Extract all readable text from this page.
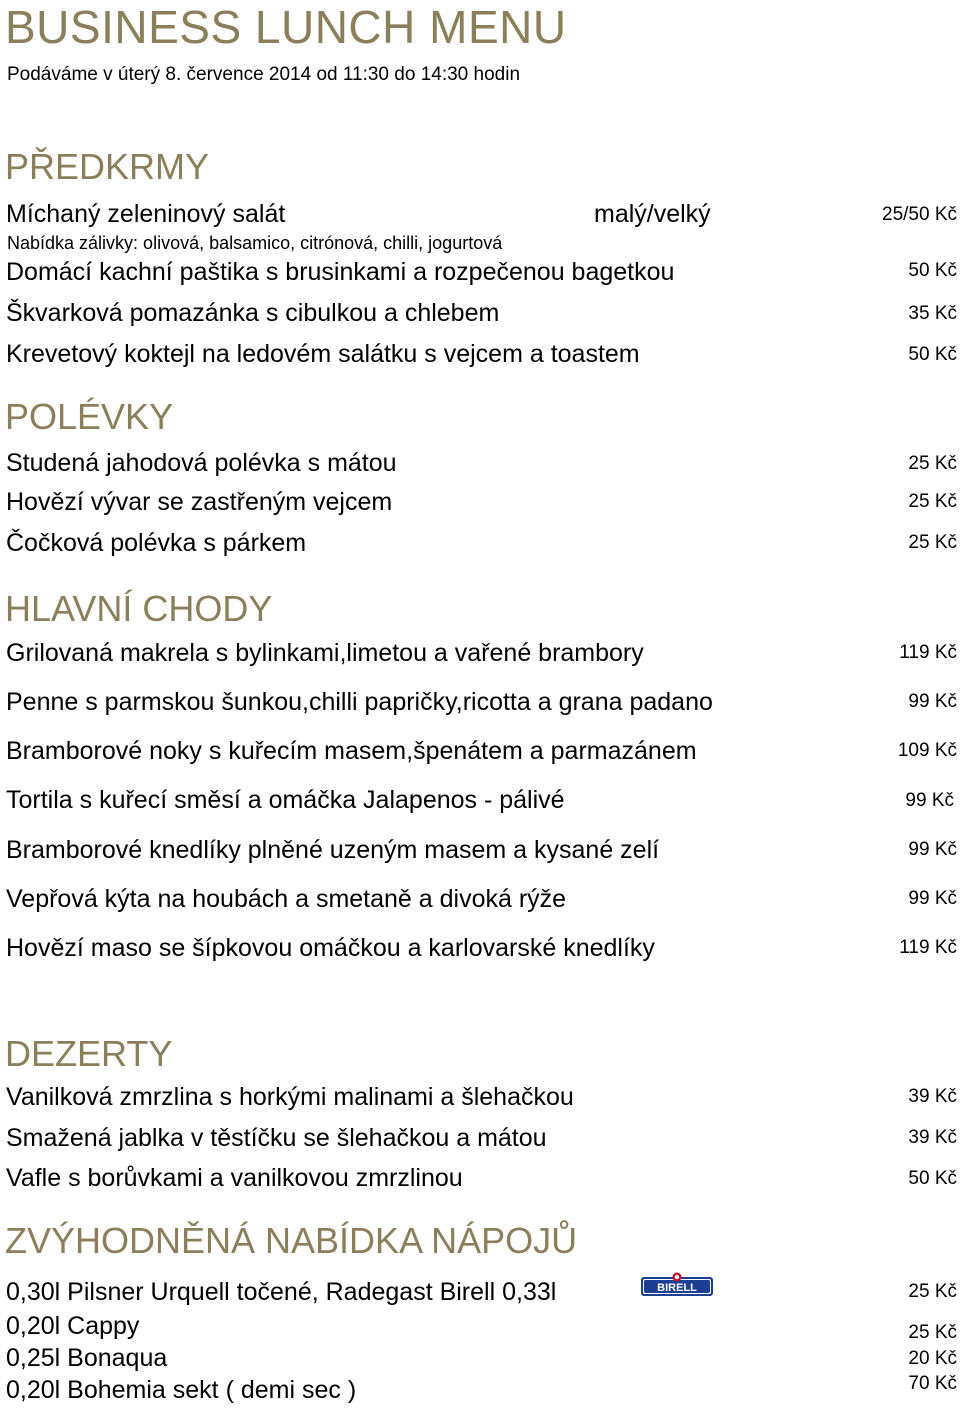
BUSINESS LUNCH MENU
Podáváme v úterý 8. července 2014 od 11:30 do 14:30 hodin
PŘEDKRMY
Míchaný zeleninový salát	malý/velký	25/50 Kč
Nabídka zálivky: olivová, balsamico, citrónová, chilli, jogurtová
Domácí kachní paštika s brusinkami a rozpečenou bagetkou	50 Kč
Škvarková pomazánka s cibulkou a chlebem	35 Kč
Krevetový koktejl na ledovém salátku s vejcem a toastem	50 Kč
POLÉVKY
Studená jahodová polévka s mátou	25 Kč
Hovězí vývar se zastřeným vejcem	25 Kč
Čočková polévka s párkem	25 Kč
HLAVNÍ CHODY
Grilovaná makrela s bylinkami,limetou a vařené brambory	119 Kč
Penne s parmskou šunkou,chilli papričky,ricotta a grana padano	99 Kč
Bramborové noky s kuřecím masem,špenátem a parmazánem	109 Kč
Tortila s kuřecí směsí a omáčka Jalapenos - pálivé	99 Kč
Bramborové knedlíky plněné uzeným masem a kysané zelí	99 Kč
Vepřová kýta na houbách a smetaně a divoká rýže	99 Kč
Hovězí maso se šípkovou omáčkou a karlovarské knedlíky	119 Kč
DEZERTY
Vanilková zmrzlina s horkými malinami a šlehačkou	39 Kč
Smažená jablka v těstíčku se šlehačkou a mátou	39 Kč
Vafle s borůvkami a vanilkovou zmrzlinou	50 Kč
ZVÝHODNĚNÁ NABÍDKA NÁPOJŮ
0,30l Pilsner Urquell točené, Radegast Birell 0,33l	25 Kč
BIRELL
0,20l Cappy	25 Kč
0,25l Bonaqua	20 Kč
0,20l Bohemia sekt ( demi sec )	70 Kč
